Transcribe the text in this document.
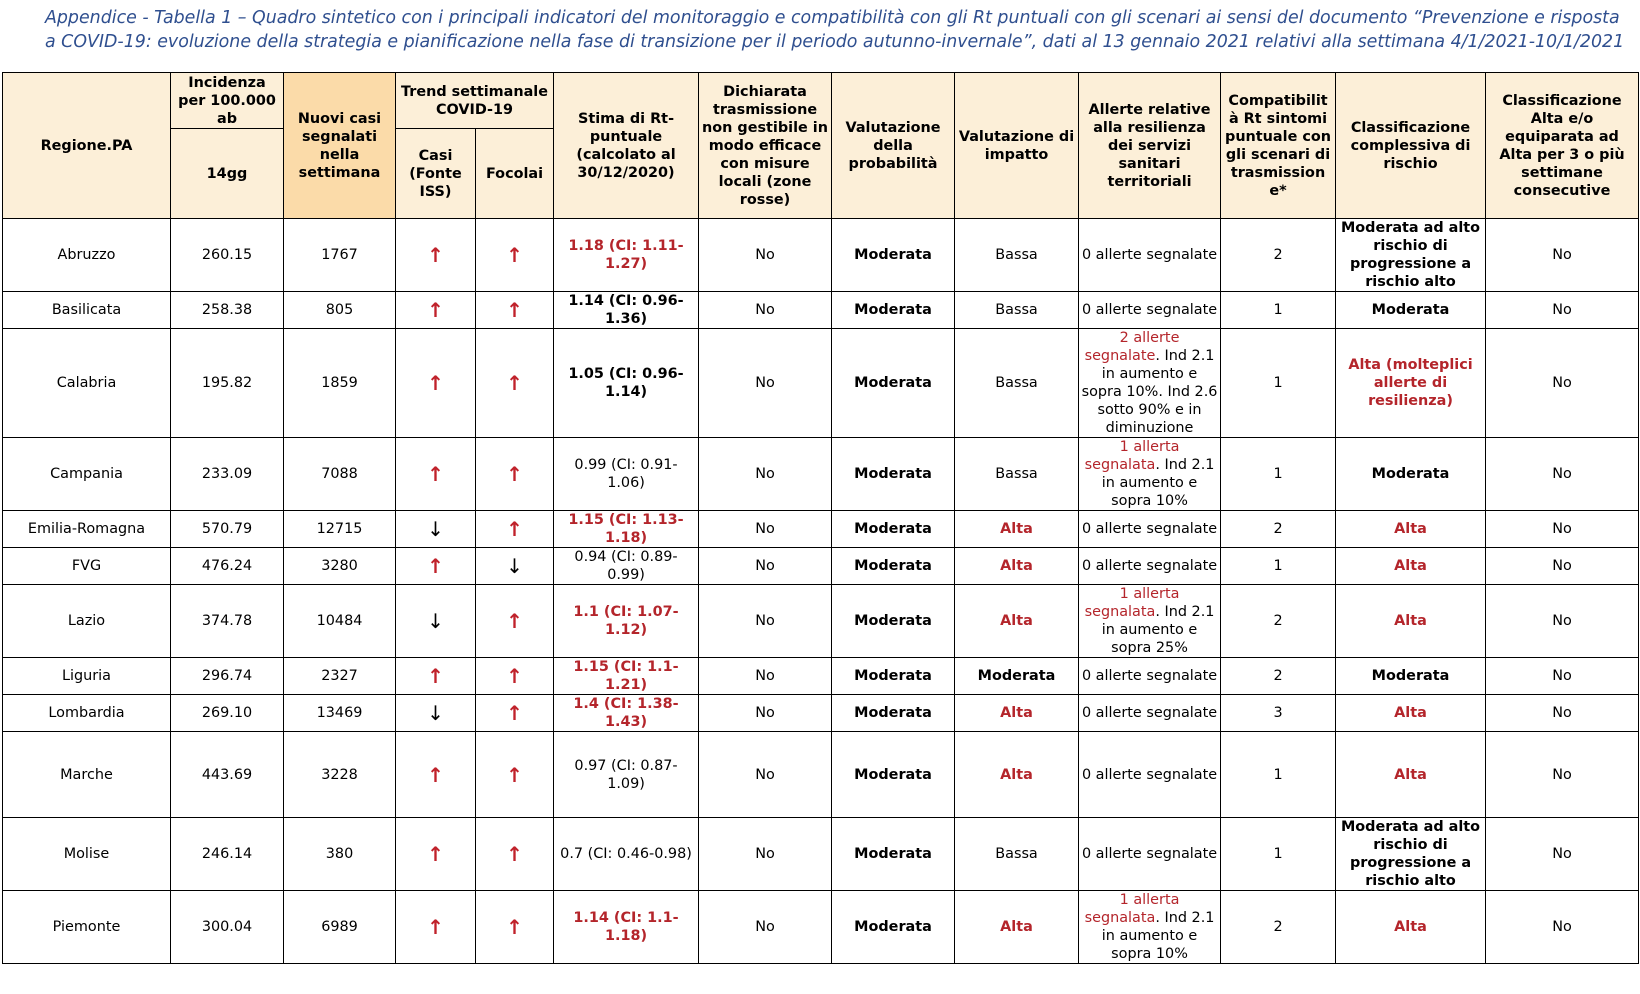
Appendice - Tabella 1 – Quadro sintetico con i principali indicatori del monitoraggio e compatibilità con gli Rt puntuali con gli scenari ai sensi del documento “Prevenzione e risposta
a COVID-19: evoluzione della strategia e pianificazione nella fase di transizione per il periodo autunno-invernale”, dati al 13 gennaio 2021 relativi alla settimana 4/1/2021-10/1/2021
Regione.PA	Incidenza per 100.000 ab	Nuovi casi segnalati nella settimana	Trend settimanale COVID-19		Stima di Rt-puntuale (calcolato al 30/12/2020)	Dichiarata trasmissione non gestibile in modo efficace con misure locali (zone rosse)	Valutazione della probabilità	Valutazione di impatto	Allerte relative alla resilienza dei servizi sanitari territoriali	Compatibilit à Rt sintomi puntuale con gli scenari di trasmission e*	Classificazione complessiva di rischio	Classificazione Alta e/o equiparata ad Alta per 3 o più settimane consecutive
	14gg		Casi (Fonte ISS)	Focolai								
Abruzzo	260.15	1767	↑	↑	1.18 (CI: 1.11-1.27)	No	Moderata	Bassa	0 allerte segnalate	2	Moderata ad alto rischio di progressione a rischio alto	No
Basilicata	258.38	805	↑	↑	1.14 (CI: 0.96-1.36)	No	Moderata	Bassa	0 allerte segnalate	1	Moderata	No
Calabria	195.82	1859	↑	↑	1.05 (CI: 0.96-1.14)	No	Moderata	Bassa	2 allerte segnalate. Ind 2.1 in aumento e sopra 10%. Ind 2.6 sotto 90% e in diminuzione	1	Alta (molteplici allerte di resilienza)	No
Campania	233.09	7088	↑	↑	0.99 (CI: 0.91-1.06)	No	Moderata	Bassa	1 allerta segnalata. Ind 2.1 in aumento e sopra 10%	1	Moderata	No
Emilia-Romagna	570.79	12715	↓	↑	1.15 (CI: 1.13-1.18)	No	Moderata	Alta	0 allerte segnalate	2	Alta	No
FVG	476.24	3280	↑	↓	0.94 (CI: 0.89-0.99)	No	Moderata	Alta	0 allerte segnalate	1	Alta	No
Lazio	374.78	10484	↓	↑	1.1 (CI: 1.07-1.12)	No	Moderata	Alta	1 allerta segnalata. Ind 2.1 in aumento e sopra 25%	2	Alta	No
Liguria	296.74	2327	↑	↑	1.15 (CI: 1.1-1.21)	No	Moderata	Moderata	0 allerte segnalate	2	Moderata	No
Lombardia	269.10	13469	↓	↑	1.4 (CI: 1.38-1.43)	No	Moderata	Alta	0 allerte segnalate	3	Alta	No
Marche	443.69	3228	↑	↑	0.97 (CI: 0.87-1.09)	No	Moderata	Alta	0 allerte segnalate	1	Alta	No
Molise	246.14	380	↑	↑	0.7 (CI: 0.46-0.98)	No	Moderata	Bassa	0 allerte segnalate	1	Moderata ad alto rischio di progressione a rischio alto	No
Piemonte	300.04	6989	↑	↑	1.14 (CI: 1.1-1.18)	No	Moderata	Alta	1 allerta segnalata. Ind 2.1 in aumento e sopra 10%	2	Alta	No
